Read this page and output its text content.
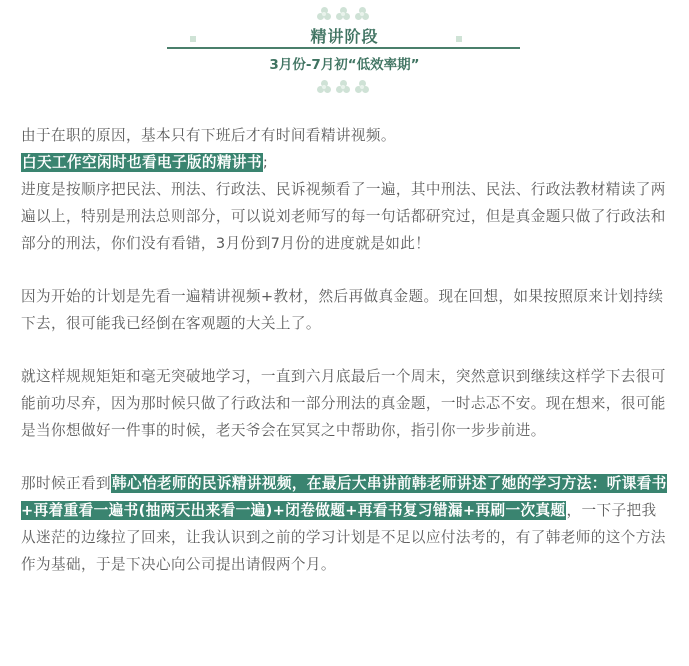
精讲阶段
3月份-7月初“低效率期”

由于在职的原因，基本只有下班后才有时间看精讲视频。

白天工作空闲时也看电子版的精讲书;

进度是按顺序把民法、刑法、行政法、民诉视频看了一遍，其中刑法、民法、行政法教材精读了两遍以上，特别是刑法总则部分，可以说刘老师写的每一句话都研究过，但是真金题只做了行政法和部分的刑法，你们没有看错，3月份到7月份的进度就是如此！

因为开始的计划是先看一遍精讲视频+教材，然后再做真金题。现在回想，如果按照原来计划持续下去，很可能我已经倒在客观题的大关上了。

就这样规规矩矩和毫无突破地学习，一直到六月底最后一个周末，突然意识到继续这样学下去很可能前功尽弃，因为那时候只做了行政法和一部分刑法的真金题，一时忐忑不安。现在想来，很可能是当你想做好一件事的时候，老天爷会在冥冥之中帮助你，指引你一步步前进。

那时候正看到韩心怡老师的民诉精讲视频，在最后大串讲前韩老师讲述了她的学习方法：听课看书+再着重看一遍书(抽两天出来看一遍)+闭卷做题+再看书复习错漏+再刷一次真题，一下子把我从迷茫的边缘拉了回来，让我认识到之前的学习计划是不足以应付法考的，有了韩老师的这个方法作为基础，于是下决心向公司提出请假两个月。
